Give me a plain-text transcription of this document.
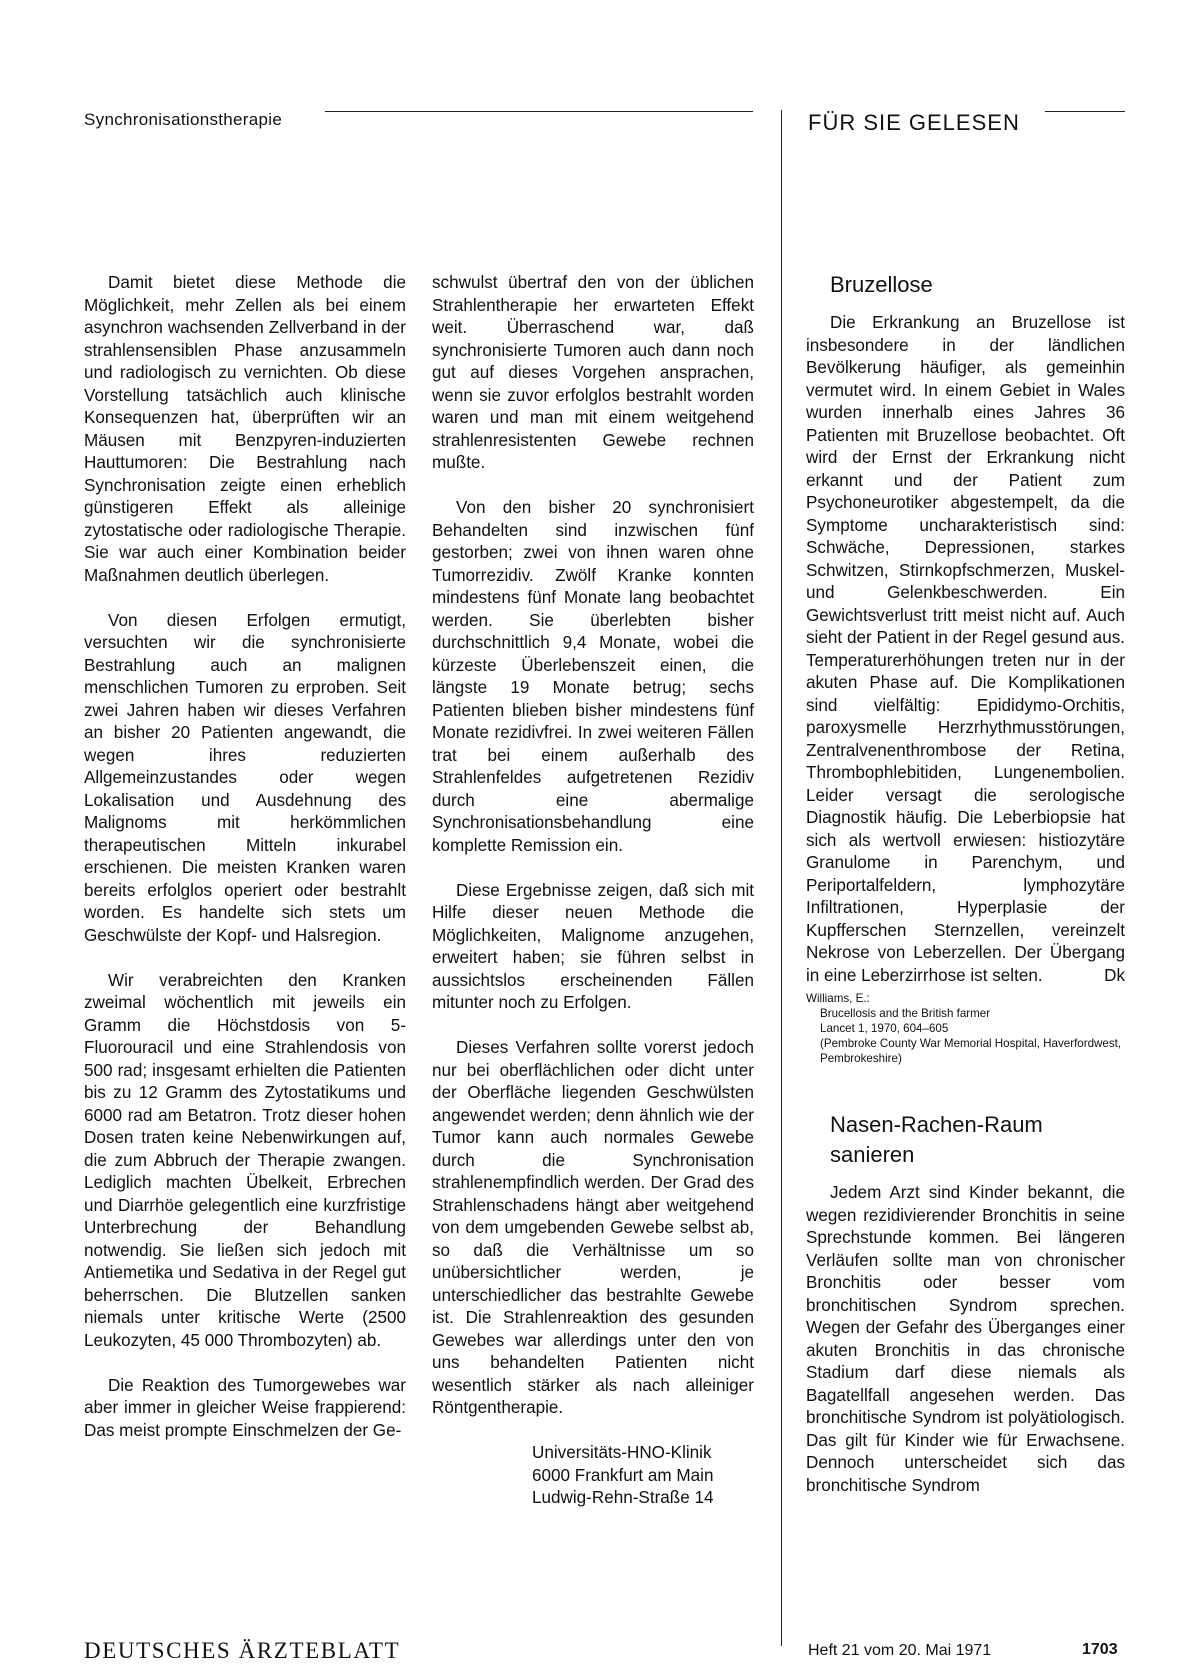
Synchronisationstherapie	FÜR SIE GELESEN

Damit bietet diese Methode die Möglichkeit, mehr Zellen als bei einem asynchron wachsenden Zellverband in der strahlensensiblen Phase anzusammeln und radiologisch zu vernichten. Ob diese Vorstellung tatsächlich auch klinische Konsequenzen hat, überprüften wir an Mäusen mit Benzpyren-induzierten Hauttumoren: Die Bestrahlung nach Synchronisation zeigte einen erheblich günstigeren Effekt als alleinige zytostatische oder radiologische Therapie. Sie war auch einer Kombination beider Maßnahmen deutlich überlegen.

Von diesen Erfolgen ermutigt, versuchten wir die synchronisierte Bestrahlung auch an malignen menschlichen Tumoren zu erproben. Seit zwei Jahren haben wir dieses Verfahren an bisher 20 Patienten angewandt, die wegen ihres reduzierten Allgemeinzustandes oder wegen Lokalisation und Ausdehnung des Malignoms mit herkömmlichen therapeutischen Mitteln inkurabel erschienen. Die meisten Kranken waren bereits erfolglos operiert oder bestrahlt worden. Es handelte sich stets um Geschwülste der Kopf- und Halsregion.

Wir verabreichten den Kranken zweimal wöchentlich mit jeweils ein Gramm die Höchstdosis von 5-Fluorouracil und eine Strahlendosis von 500 rad; insgesamt erhielten die Patienten bis zu 12 Gramm des Zytostatikums und 6000 rad am Betatron. Trotz dieser hohen Dosen traten keine Nebenwirkungen auf, die zum Abbruch der Therapie zwangen. Lediglich machten Übelkeit, Erbrechen und Diarrhöe gelegentlich eine kurzfristige Unterbrechung der Behandlung notwendig. Sie ließen sich jedoch mit Antiemetika und Sedativa in der Regel gut beherrschen. Die Blutzellen sanken niemals unter kritische Werte (2500 Leukozyten, 45 000 Thrombozyten) ab.

Die Reaktion des Tumorgewebes war aber immer in gleicher Weise frappierend: Das meist prompte Einschmelzen der Ge-

schwulst übertraf den von der üblichen Strahlentherapie her erwarteten Effekt weit. Überraschend war, daß synchronisierte Tumoren auch dann noch gut auf dieses Vorgehen ansprachen, wenn sie zuvor erfolglos bestrahlt worden waren und man mit einem weitgehend strahlenresistenten Gewebe rechnen mußte.

Von den bisher 20 synchronisiert Behandelten sind inzwischen fünf gestorben; zwei von ihnen waren ohne Tumorrezidiv. Zwölf Kranke konnten mindestens fünf Monate lang beobachtet werden. Sie überlebten bisher durchschnittlich 9,4 Monate, wobei die kürzeste Überlebenszeit einen, die längste 19 Monate betrug; sechs Patienten blieben bisher mindestens fünf Monate rezidivfrei. In zwei weiteren Fällen trat bei einem außerhalb des Strahlenfeldes aufgetretenen Rezidiv durch eine abermalige Synchronisationsbehandlung eine komplette Remission ein.

Diese Ergebnisse zeigen, daß sich mit Hilfe dieser neuen Methode die Möglichkeiten, Malignome anzugehen, erweitert haben; sie führen selbst in aussichtslos erscheinenden Fällen mitunter noch zu Erfolgen.

Dieses Verfahren sollte vorerst jedoch nur bei oberflächlichen oder dicht unter der Oberfläche liegenden Geschwülsten angewendet werden; denn ähnlich wie der Tumor kann auch normales Gewebe durch die Synchronisation strahlenempfindlich werden. Der Grad des Strahlenschadens hängt aber weitgehend von dem umgebenden Gewebe selbst ab, so daß die Verhältnisse um so unübersichtlicher werden, je unterschiedlicher das bestrahlte Gewebe ist. Die Strahlenreaktion des gesunden Gewebes war allerdings unter den von uns behandelten Patienten nicht wesentlich stärker als nach alleiniger Röntgentherapie.

Universitäts-HNO-Klinik
6000 Frankfurt am Main
Ludwig-Rehn-Straße 14
Bruzellose

Die Erkrankung an Bruzellose ist insbesondere in der ländlichen Bevölkerung häufiger, als gemeinhin vermutet wird. In einem Gebiet in Wales wurden innerhalb eines Jahres 36 Patienten mit Bruzellose beobachtet. Oft wird der Ernst der Erkrankung nicht erkannt und der Patient zum Psychoneurotiker abgestempelt, da die Symptome uncharakteristisch sind: Schwäche, Depressionen, starkes Schwitzen, Stirnkopfschmerzen, Muskel- und Gelenkbeschwerden. Ein Gewichtsverlust tritt meist nicht auf. Auch sieht der Patient in der Regel gesund aus. Temperaturerhöhungen treten nur in der akuten Phase auf. Die Komplikationen sind vielfältig: Epididymo-Orchitis, paroxysmelle Herzrhythmusstörungen, Zentralvenenthrombose der Retina, Thrombophlebitiden, Lungenembolien. Leider versagt die serologische Diagnostik häufig. Die Leberbiopsie hat sich als wertvoll erwiesen: histiozytäre Granulome in Parenchym, und Periportalfeldern, lymphozytäre Infiltrationen, Hyperplasie der Kupfferschen Sternzellen, vereinzelt Nekrose von Leberzellen. Der Übergang in eine Leberzirrhose ist selten.	Dk

Williams, E.:
Brucellosis and the British farmer
Lancet 1, 1970, 604–605
(Pembroke County War Memorial Hospital, Haverfordwest, Pembrokeshire)
Nasen-Rachen-Raum sanieren

Jedem Arzt sind Kinder bekannt, die wegen rezidivierender Bronchitis in seine Sprechstunde kommen. Bei längeren Verläufen sollte man von chronischer Bronchitis oder besser vom bronchitischen Syndrom sprechen. Wegen der Gefahr des Überganges einer akuten Bronchitis in das chronische Stadium darf diese niemals als Bagatellfall angesehen werden. Das bronchitische Syndrom ist polyätiologisch. Das gilt für Kinder wie für Erwachsene. Dennoch unterscheidet sich das bronchitische Syndrom

DEUTSCHES ÄRZTEBLATT	Heft 21 vom 20. Mai 1971	1703
